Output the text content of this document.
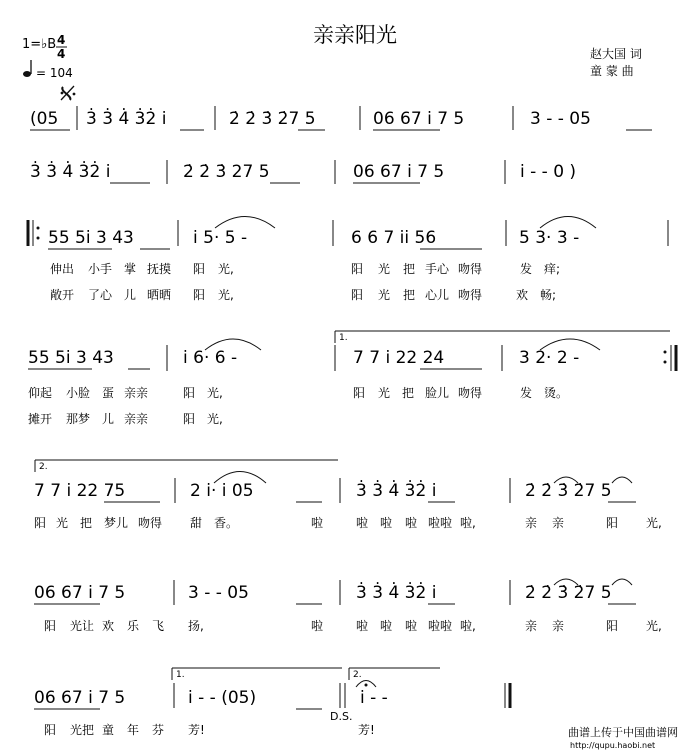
亲亲阳光
1=♭B 4
4
= 104
赵大国 词
童 蒙 曲
(05 3̇ 3̇ 4̇ 3̇2̇ i	2̇ 2̇ 3̇ 2̇7 5	06 67 i 7 5	3 - - 05
3̇ 3̇ 4̇ 3̇2̇ i	2̇ 2̇ 3̇ 27 5	06 67 i 7 5	i - - 0 )
55 5i 3 43	i 5· 5 -	6 6 7 ii 56	5 3· 3 -
伸出 小手 掌 抚摸 阳 光,	阳 光 把 手心 吻得	发 痒;
敞开 了心 儿 晒晒 阳 光,	阳 光 把 心儿 吻得	欢 畅;
55 5i 3 43	i 6· 6 -	7 7 i 22 24	3 2· 2 -
1.
仰起 小脸 蛋 亲亲	阳 光,	阳 光 把 脸儿 吻得	发 烫。
摊开 那梦 儿 亲亲	阳 光,
2.
7 7 i 22 75	2 i· i 05	3̇ 3̇ 4̇ 3̇2̇ i	2̇ 2̇ 3̇ 2̇7 5
阳 光 把 梦儿 吻得 甜 香。	啦	啦 啦 啦 啦啦 啦,	亲 亲	阳 光,
06 67 i 7 5	3 - - 05	3̇ 3̇ 4̇ 3̇2̇ i	2̇ 2̇ 3̇ 2̇7 5
阳 光让 欢 乐 飞 扬,	啦	啦 啦 啦 啦啦 啦,	亲 亲	阳 光,
1.	2.
06 67 i 7 5	i - - (05)	i - -
D.S.
阳 光把 童 年 芬 芳!	芳!	曲谱上传于中国曲谱网
http://qupu.haobi.net
